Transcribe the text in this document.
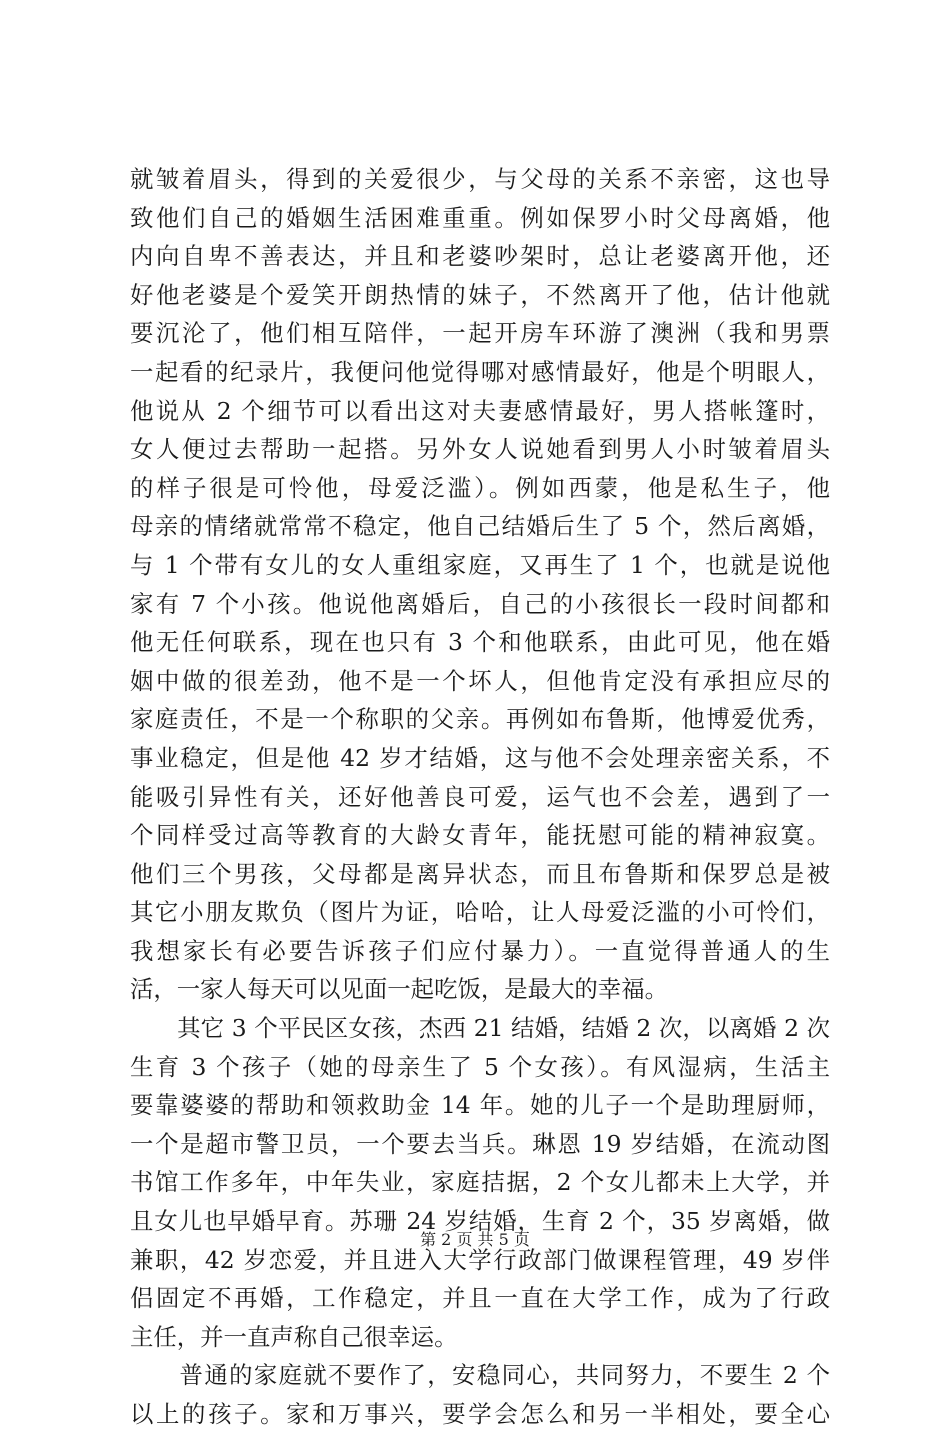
就皱着眉头，得到的关爱很少，与父母的关系不亲密，这也导
致他们自己的婚姻生活困难重重。例如保罗小时父母离婚，他
内向自卑不善表达，并且和老婆吵架时，总让老婆离开他，还
好他老婆是个爱笑开朗热情的妹子，不然离开了他，估计他就
要沉沦了，他们相互陪伴，一起开房车环游了澳洲（我和男票
一起看的纪录片，我便问他觉得哪对感情最好，他是个明眼人，
他说从 2 个细节可以看出这对夫妻感情最好，男人搭帐篷时，
女人便过去帮助一起搭。另外女人说她看到男人小时皱着眉头
的样子很是可怜他，母爱泛滥）。例如西蒙，他是私生子，他
母亲的情绪就常常不稳定，他自己结婚后生了 5 个，然后离婚，
与 1 个带有女儿的女人重组家庭，又再生了 1 个，也就是说他
家有 7 个小孩。他说他离婚后，自己的小孩很长一段时间都和
他无任何联系，现在也只有 3 个和他联系，由此可见，他在婚
姻中做的很差劲，他不是一个坏人，但他肯定没有承担应尽的
家庭责任，不是一个称职的父亲。再例如布鲁斯，他博爱优秀，
事业稳定，但是他 42 岁才结婚，这与他不会处理亲密关系，不
能吸引异性有关，还好他善良可爱，运气也不会差，遇到了一
个同样受过高等教育的大龄女青年，能抚慰可能的精神寂寞。
他们三个男孩，父母都是离异状态，而且布鲁斯和保罗总是被
其它小朋友欺负（图片为证，哈哈，让人母爱泛滥的小可怜们，
我想家长有必要告诉孩子们应付暴力）。一直觉得普通人的生
活，一家人每天可以见面一起吃饭，是最大的幸福。
　　其它 3 个平民区女孩，杰西 21 结婚，结婚 2 次，以离婚 2 次
生育 3 个孩子（她的母亲生了 5 个女孩）。有风湿病，生活主
要靠婆婆的帮助和领救助金 14 年。她的儿子一个是助理厨师，
一个是超市警卫员，一个要去当兵。琳恩 19 岁结婚，在流动图
书馆工作多年，中年失业，家庭拮据，2 个女儿都未上大学，并
且女儿也早婚早育。苏珊 24 岁结婚，生育 2 个，35 岁离婚，做
兼职，42 岁恋爱，并且进入大学行政部门做课程管理，49 岁伴
侣固定不再婚，工作稳定，并且一直在大学工作，成为了行政
主任，并一直声称自己很幸运。
　　普通的家庭就不要作了，安稳同心，共同努力，不要生 2 个
以上的孩子。家和万事兴，要学会怎么和另一半相处，要全心
第 2 页 共 5 页
